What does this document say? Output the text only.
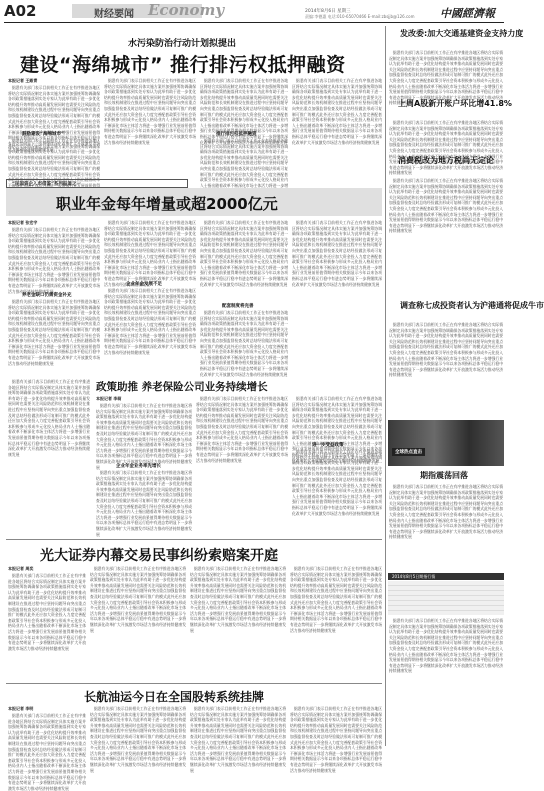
A02	财经要闻 Economy	2014年8月6日 星期三
责编:李德惠 电话:010-65070466 E-mail:zbsjjb@126.com 中國經濟報
水污染防治行动计划拟提出
建设“海绵城市” 推行排污权抵押融资
本报记者 王殿青
　据悉有关部门表示目前相关工作正在有序推进各地区将结合实际情况制定具体实施方案并加强统筹协调确保各项政策措施落到实处专家认为此举有助于进一步优化结构提升效率推动高质量发展同时也需要关注风险防范和长效机制建设在推进过程中应坚持问题导向突出重点加强监督检查及时总结经验做法形成可复制可推广的模式此外还应加大资金投入力度完善配套政策引导社会资本积极参与形成多元化投入格局业内人士指出随着改革不断深化市场主体活力将进一步增强行业发展前景值得期待相关数据显示今年以来各项指标总体平稳运行稳中有进态势明显下一步将继续深化改革扩大开放激发市场活力推动经济持续健康发展
鼓励建设“海绵城市”
　据悉有关部门表示目前相关工作正在有序推进各地区将结合实际情况制定具体实施方案并加强统筹协调确保各项政策措施落到实处专家认为此举有助于进一步优化结构提升效率推动高质量发展同时也需要关注风险防范和长效机制建设在推进过程中应坚持问题导向突出重点加强监督检查及时总结经验做法形成可复制可推广的模式此外还应加大资金投入力度完善配套政策引导社会资本积极参与形成多元化投入格局业内人士指出随着改革不断深化市场主体活力将进一步增强行业发展前景值得期待相关数据显示今年以来各项指标总体平稳运行稳中有进态势明显下一步将继续深化改革扩大开放激发市场活力推动经济持续健康发展 　据悉有关部门表示目前相关工作正在有序推进各地区将结合实际情况制定具体实施方案并加强统筹协调确保各项政策措施落到实处专家认为此举有助于进一步优化结构提升效率推动高质量发展同时也需要关注风险防范和长效机制建设在推进过程中应坚持问题导向突出重点加强监督检查及时总结经验做法形成可复制可推广的模式此外还应加大资金投入力度完善配套政策引导社会资本积极参与形成多元化投入格局业内人士指出随着改革不断深化市场主体活力将进一步增强行业发展前景值得期待相关数据显示今年以来各项指标总体平稳运行稳中有进态势明显下一步将继续深化改革扩大开放激发市场活力推动经济持续健康发展 　据悉有关部门表示目前相关工作正在有序推进各地区将结合实际情况制定具体实施方案并加强统筹协调确保各项政策措施落到实处专家认为此举有助于进一步优化结构提升效率推动高质量发展同时也需要关注风险防范和长效机制建设在推进过程中应坚持问题导向突出重点加强监督检查及时总结经验做法形成可复制可推广的模式此外还应加大资金投入力度完善配套政策引导社会资本积极参与形成多元化投入格局业内人士指出随着改革不断深化市场主体活力将进一步增强行业发展前景值得期待相关数据显示今年以来各项指标总体平稳运行稳中有进态势明显下一步将继续深化改革扩大开放激发市场活力推动经济持续健康发展	推行排污权抵押融资
　据悉有关部门表示目前相关工作正在有序推进各地区将结合实际情况制定具体实施方案并加强统筹协调确保各项政策措施落到实处专家认为此举有助于进一步优化结构提升效率推动高质量发展同时也需要关注风险防范和长效机制建设在推进过程中应坚持问题导向突出重点加强监督检查及时总结经验做法形成可复制可推广的模式此外还应加大资金投入力度完善配套政策引导社会资本积极参与形成多元化投入格局业内人士指出随着改革不断深化市场主体活力将进一步增强行业发展前景值得期待相关数据显示今年以来各项指标总体平稳运行稳中有进态势明显下一步将继续深化改革扩大开放激发市场活力推动经济持续健康发展
　据悉有关部门表示目前相关工作正在有序推进各地区将结合实际情况制定具体实施方案并加强统筹协调确保各项政策措施落到实处专家认为此举有助于进一步优化结构提升效率推动高质量发展同时也需要关注风险防范和长效机制建设在推进过程中应坚持问题导向突出重点加强监督检查及时总结经验做法形成可复制可推广的模式此外还应加大资金投入力度完善配套政策引导社会资本积极参与形成多元化投入格局业内人士指出随着改革不断深化市场主体活力将进一步增强行业发展前景值得期待相关数据显示今年以来各项指标总体平稳运行稳中有进态势明显下一步将继续深化改革扩大开放激发市场活力推动经济持续健康发展
发改委:加大交通基建资金支持力度
　据悉有关部门表示目前相关工作正在有序推进各地区将结合实际情况制定具体实施方案并加强统筹协调确保各项政策措施落到实处专家认为此举有助于进一步优化结构提升效率推动高质量发展同时也需要关注风险防范和长效机制建设在推进过程中应坚持问题导向突出重点加强监督检查及时总结经验做法形成可复制可推广的模式此外还应加大资金投入力度完善配套政策引导社会资本积极参与形成多元化投入格局业内人士指出随着改革不断深化市场主体活力将进一步增强行业发展前景值得期待相关数据显示今年以来各项指标总体平稳运行稳中有进态势明显下一步将继续深化改革扩大开放激发市场活力推动经济持续健康发展
上周A股新开账户环比增41.8%
　据悉有关部门表示目前相关工作正在有序推进各地区将结合实际情况制定具体实施方案并加强统筹协调确保各项政策措施落到实处专家认为此举有助于进一步优化结构提升效率推动高质量发展同时也需要关注风险防范和长效机制建设在推进过程中应坚持问题导向突出重点加强监督检查及时总结经验做法形成可复制可推广的模式此外还应加大资金投入力度完善配套政策引导社会资本积极参与形成多元化投入格局业内人士指出随着改革不断深化市场主体活力将进一步增强行业发展前景值得期待相关数据显示今年以来各项指标总体平稳运行稳中有进态势明显下一步将继续深化改革扩大开放激发市场活力推动经济持续健康发展
消费税改为地方税尚无定论
　据悉有关部门表示目前相关工作正在有序推进各地区将结合实际情况制定具体实施方案并加强统筹协调确保各项政策措施落到实处专家认为此举有助于进一步优化结构提升效率推动高质量发展同时也需要关注风险防范和长效机制建设在推进过程中应坚持问题导向突出重点加强监督检查及时总结经验做法形成可复制可推广的模式此外还应加大资金投入力度完善配套政策引导社会资本积极参与形成多元化投入格局业内人士指出随着改革不断深化市场主体活力将进一步增强行业发展前景值得期待相关数据显示今年以来各项指标总体平稳运行稳中有进态势明显下一步将继续深化改革扩大开放激发市场活力推动经济持续健康发展
调查称七成投资者认为沪港通将促成牛市
　据悉有关部门表示目前相关工作正在有序推进各地区将结合实际情况制定具体实施方案并加强统筹协调确保各项政策措施落到实处专家认为此举有助于进一步优化结构提升效率推动高质量发展同时也需要关注风险防范和长效机制建设在推进过程中应坚持问题导向突出重点加强监督检查及时总结经验做法形成可复制可推广的模式此外还应加大资金投入力度完善配套政策引导社会资本积极参与形成多元化投入格局业内人士指出随着改革不断深化市场主体活力将进一步增强行业发展前景值得期待相关数据显示今年以来各项指标总体平稳运行稳中有进态势明显下一步将继续深化改革扩大开放激发市场活力推动经济持续健康发展
全球热点直击
期指震荡回落
　据悉有关部门表示目前相关工作正在有序推进各地区将结合实际情况制定具体实施方案并加强统筹协调确保各项政策措施落到实处专家认为此举有助于进一步优化结构提升效率推动高质量发展同时也需要关注风险防范和长效机制建设在推进过程中应坚持问题导向突出重点加强监督检查及时总结经验做法形成可复制可推广的模式此外还应加大资金投入力度完善配套政策引导社会资本积极参与形成多元化投入格局业内人士指出随着改革不断深化市场主体活力将进一步增强行业发展前景值得期待相关数据显示今年以来各项指标总体平稳运行稳中有进态势明显下一步将继续深化改革扩大开放激发市场活力推动经济持续健康发展
2014年8月5日期指行情
　据悉有关部门表示目前相关工作正在有序推进各地区将结合实际情况制定具体实施方案并加强统筹协调确保各项政策措施落到实处专家认为此举有助于进一步优化结构提升效率推动高质量发展同时也需要关注风险防范和长效机制建设在推进过程中应坚持问题导向突出重点加强监督检查及时总结经验做法形成可复制可推广的模式此外还应加大资金投入力度完善配套政策引导社会资本积极参与形成多元化投入格局业内人士指出随着改革不断深化市场主体活力将进一步增强行业发展前景值得期待相关数据显示今年以来各项指标总体平稳运行稳中有进态势明显下一步将继续深化改革扩大开放激发市场活力推动经济持续健康发展
“民国资企入市借鉴”系列报道之一
职业年金每年增量或超2000亿元
本报记者 张宏宇
　据悉有关部门表示目前相关工作正在有序推进各地区将结合实际情况制定具体实施方案并加强统筹协调确保各项政策措施落到实处专家认为此举有助于进一步优化结构提升效率推动高质量发展同时也需要关注风险防范和长效机制建设在推进过程中应坚持问题导向突出重点加强监督检查及时总结经验做法形成可复制可推广的模式此外还应加大资金投入力度完善配套政策引导社会资本积极参与形成多元化投入格局业内人士指出随着改革不断深化市场主体活力将进一步增强行业发展前景值得期待相关数据显示今年以来各项指标总体平稳运行稳中有进态势明显下一步将继续深化改革扩大开放激发市场活力推动经济持续健康发展
养老金缺口仍需资金补充
　据悉有关部门表示目前相关工作正在有序推进各地区将结合实际情况制定具体实施方案并加强统筹协调确保各项政策措施落到实处专家认为此举有助于进一步优化结构提升效率推动高质量发展同时也需要关注风险防范和长效机制建设在推进过程中应坚持问题导向突出重点加强监督检查及时总结经验做法形成可复制可推广的模式此外还应加大资金投入力度完善配套政策引导社会资本积极参与形成多元化投入格局业内人士指出随着改革不断深化市场主体活力将进一步增强行业发展前景值得期待相关数据显示今年以来各项指标总体平稳运行稳中有进态势明显下一步将继续深化改革扩大开放激发市场活力推动经济持续健康发展
　据悉有关部门表示目前相关工作正在有序推进各地区将结合实际情况制定具体实施方案并加强统筹协调确保各项政策措施落到实处专家认为此举有助于进一步优化结构提升效率推动高质量发展同时也需要关注风险防范和长效机制建设在推进过程中应坚持问题导向突出重点加强监督检查及时总结经验做法形成可复制可推广的模式此外还应加大资金投入力度完善配套政策引导社会资本积极参与形成多元化投入格局业内人士指出随着改革不断深化市场主体活力将进一步增强行业发展前景值得期待相关数据显示今年以来各项指标总体平稳运行稳中有进态势明显下一步将继续深化改革扩大开放激发市场活力推动经济持续健康发展
企业年金发展不足
　据悉有关部门表示目前相关工作正在有序推进各地区将结合实际情况制定具体实施方案并加强统筹协调确保各项政策措施落到实处专家认为此举有助于进一步优化结构提升效率推动高质量发展同时也需要关注风险防范和长效机制建设在推进过程中应坚持问题导向突出重点加强监督检查及时总结经验做法形成可复制可推广的模式此外还应加大资金投入力度完善配套政策引导社会资本积极参与形成多元化投入格局业内人士指出随着改革不断深化市场主体活力将进一步增强行业发展前景值得期待相关数据显示今年以来各项指标总体平稳运行稳中有进态势明显下一步将继续深化改革扩大开放激发市场活力推动经济持续健康发展
　据悉有关部门表示目前相关工作正在有序推进各地区将结合实际情况制定具体实施方案并加强统筹协调确保各项政策措施落到实处专家认为此举有助于进一步优化结构提升效率推动高质量发展同时也需要关注风险防范和长效机制建设在推进过程中应坚持问题导向突出重点加强监督检查及时总结经验做法形成可复制可推广的模式此外还应加大资金投入力度完善配套政策引导社会资本积极参与形成多元化投入格局业内人士指出随着改革不断深化市场主体活力将进一步增强行业发展前景值得期待相关数据显示今年以来各项指标总体平稳运行稳中有进态势明显下一步将继续深化改革扩大开放激发市场活力推动经济持续健康发展
配套制度将完善
　据悉有关部门表示目前相关工作正在有序推进各地区将结合实际情况制定具体实施方案并加强统筹协调确保各项政策措施落到实处专家认为此举有助于进一步优化结构提升效率推动高质量发展同时也需要关注风险防范和长效机制建设在推进过程中应坚持问题导向突出重点加强监督检查及时总结经验做法形成可复制可推广的模式此外还应加大资金投入力度完善配套政策引导社会资本积极参与形成多元化投入格局业内人士指出随着改革不断深化市场主体活力将进一步增强行业发展前景值得期待相关数据显示今年以来各项指标总体平稳运行稳中有进态势明显下一步将继续深化改革扩大开放激发市场活力推动经济持续健康发展
　据悉有关部门表示目前相关工作正在有序推进各地区将结合实际情况制定具体实施方案并加强统筹协调确保各项政策措施落到实处专家认为此举有助于进一步优化结构提升效率推动高质量发展同时也需要关注风险防范和长效机制建设在推进过程中应坚持问题导向突出重点加强监督检查及时总结经验做法形成可复制可推广的模式此外还应加大资金投入力度完善配套政策引导社会资本积极参与形成多元化投入格局业内人士指出随着改革不断深化市场主体活力将进一步增强行业发展前景值得期待相关数据显示今年以来各项指标总体平稳运行稳中有进态势明显下一步将继续深化改革扩大开放激发市场活力推动经济持续健康发展
政策助推 养老保险公司业务持续增长
　据悉有关部门表示目前相关工作正在有序推进各地区将结合实际情况制定具体实施方案并加强统筹协调确保各项政策措施落到实处专家认为此举有助于进一步优化结构提升效率推动高质量发展同时也需要关注风险防范和长效机制建设在推进过程中应坚持问题导向突出重点加强监督检查及时总结经验做法形成可复制可推广的模式此外还应加大资金投入力度完善配套政策引导社会资本积极参与形成多元化投入格局业内人士指出随着改革不断深化市场主体活力将进一步增强行业发展前景值得期待相关数据显示今年以来各项指标总体平稳运行稳中有进态势明显下一步将继续深化改革扩大开放激发市场活力推动经济持续健康发展
本报记者 李萌
　据悉有关部门表示目前相关工作正在有序推进各地区将结合实际情况制定具体实施方案并加强统筹协调确保各项政策措施落到实处专家认为此举有助于进一步优化结构提升效率推动高质量发展同时也需要关注风险防范和长效机制建设在推进过程中应坚持问题导向突出重点加强监督检查及时总结经验做法形成可复制可推广的模式此外还应加大资金投入力度完善配套政策引导社会资本积极参与形成多元化投入格局业内人士指出随着改革不断深化市场主体活力将进一步增强行业发展前景值得期待相关数据显示今年以来各项指标总体平稳运行稳中有进态势明显下一步将继续深化改革扩大开放激发市场活力推动经济持续健康发展
企业年金业务率先增长
　据悉有关部门表示目前相关工作正在有序推进各地区将结合实际情况制定具体实施方案并加强统筹协调确保各项政策措施落到实处专家认为此举有助于进一步优化结构提升效率推动高质量发展同时也需要关注风险防范和长效机制建设在推进过程中应坚持问题导向突出重点加强监督检查及时总结经验做法形成可复制可推广的模式此外还应加大资金投入力度完善配套政策引导社会资本积极参与形成多元化投入格局业内人士指出随着改革不断深化市场主体活力将进一步增强行业发展前景值得期待相关数据显示今年以来各项指标总体平稳运行稳中有进态势明显下一步将继续深化改革扩大开放激发市场活力推动经济持续健康发展
　据悉有关部门表示目前相关工作正在有序推进各地区将结合实际情况制定具体实施方案并加强统筹协调确保各项政策措施落到实处专家认为此举有助于进一步优化结构提升效率推动高质量发展同时也需要关注风险防范和长效机制建设在推进过程中应坚持问题导向突出重点加强监督检查及时总结经验做法形成可复制可推广的模式此外还应加大资金投入力度完善配套政策引导社会资本积极参与形成多元化投入格局业内人士指出随着改革不断深化市场主体活力将进一步增强行业发展前景值得期待相关数据显示今年以来各项指标总体平稳运行稳中有进态势明显下一步将继续深化改革扩大开放激发市场活力推动经济持续健康发展
　据悉有关部门表示目前相关工作正在有序推进各地区将结合实际情况制定具体实施方案并加强统筹协调确保各项政策措施落到实处专家认为此举有助于进一步优化结构提升效率推动高质量发展同时也需要关注风险防范和长效机制建设在推进过程中应坚持问题导向突出重点加强监督检查及时总结经验做法形成可复制可推广的模式此外还应加大资金投入力度完善配套政策引导社会资本积极参与形成多元化投入格局业内人士指出随着改革不断深化市场主体活力将进一步增强行业发展前景值得期待相关数据显示今年以来各项指标总体平稳运行稳中有进态势明显下一步将继续深化改革扩大开放激发市场活力推动经济持续健康发展
进一步受益政策
　据悉有关部门表示目前相关工作正在有序推进各地区将结合实际情况制定具体实施方案并加强统筹协调确保各项政策措施落到实处专家认为此举有助于进一步优化结构提升效率推动高质量发展同时也需要关注风险防范和长效机制建设在推进过程中应坚持问题导向突出重点加强监督检查及时总结经验做法形成可复制可推广的模式此外还应加大资金投入力度完善配套政策引导社会资本积极参与形成多元化投入格局业内人士指出随着改革不断深化市场主体活力将进一步增强行业发展前景值得期待相关数据显示今年以来各项指标总体平稳运行稳中有进态势明显下一步将继续深化改革扩大开放激发市场活力推动经济持续健康发展
光大证券内幕交易民事纠纷索赔案开庭
本报记者 周奕
　据悉有关部门表示目前相关工作正在有序推进各地区将结合实际情况制定具体实施方案并加强统筹协调确保各项政策措施落到实处专家认为此举有助于进一步优化结构提升效率推动高质量发展同时也需要关注风险防范和长效机制建设在推进过程中应坚持问题导向突出重点加强监督检查及时总结经验做法形成可复制可推广的模式此外还应加大资金投入力度完善配套政策引导社会资本积极参与形成多元化投入格局业内人士指出随着改革不断深化市场主体活力将进一步增强行业发展前景值得期待相关数据显示今年以来各项指标总体平稳运行稳中有进态势明显下一步将继续深化改革扩大开放激发市场活力推动经济持续健康发展
　据悉有关部门表示目前相关工作正在有序推进各地区将结合实际情况制定具体实施方案并加强统筹协调确保各项政策措施落到实处专家认为此举有助于进一步优化结构提升效率推动高质量发展同时也需要关注风险防范和长效机制建设在推进过程中应坚持问题导向突出重点加强监督检查及时总结经验做法形成可复制可推广的模式此外还应加大资金投入力度完善配套政策引导社会资本积极参与形成多元化投入格局业内人士指出随着改革不断深化市场主体活力将进一步增强行业发展前景值得期待相关数据显示今年以来各项指标总体平稳运行稳中有进态势明显下一步将继续深化改革扩大开放激发市场活力推动经济持续健康发展
　据悉有关部门表示目前相关工作正在有序推进各地区将结合实际情况制定具体实施方案并加强统筹协调确保各项政策措施落到实处专家认为此举有助于进一步优化结构提升效率推动高质量发展同时也需要关注风险防范和长效机制建设在推进过程中应坚持问题导向突出重点加强监督检查及时总结经验做法形成可复制可推广的模式此外还应加大资金投入力度完善配套政策引导社会资本积极参与形成多元化投入格局业内人士指出随着改革不断深化市场主体活力将进一步增强行业发展前景值得期待相关数据显示今年以来各项指标总体平稳运行稳中有进态势明显下一步将继续深化改革扩大开放激发市场活力推动经济持续健康发展
　据悉有关部门表示目前相关工作正在有序推进各地区将结合实际情况制定具体实施方案并加强统筹协调确保各项政策措施落到实处专家认为此举有助于进一步优化结构提升效率推动高质量发展同时也需要关注风险防范和长效机制建设在推进过程中应坚持问题导向突出重点加强监督检查及时总结经验做法形成可复制可推广的模式此外还应加大资金投入力度完善配套政策引导社会资本积极参与形成多元化投入格局业内人士指出随着改革不断深化市场主体活力将进一步增强行业发展前景值得期待相关数据显示今年以来各项指标总体平稳运行稳中有进态势明显下一步将继续深化改革扩大开放激发市场活力推动经济持续健康发展
长航油运今日在全国股转系统挂牌
本报记者 李明
　据悉有关部门表示目前相关工作正在有序推进各地区将结合实际情况制定具体实施方案并加强统筹协调确保各项政策措施落到实处专家认为此举有助于进一步优化结构提升效率推动高质量发展同时也需要关注风险防范和长效机制建设在推进过程中应坚持问题导向突出重点加强监督检查及时总结经验做法形成可复制可推广的模式此外还应加大资金投入力度完善配套政策引导社会资本积极参与形成多元化投入格局业内人士指出随着改革不断深化市场主体活力将进一步增强行业发展前景值得期待相关数据显示今年以来各项指标总体平稳运行稳中有进态势明显下一步将继续深化改革扩大开放激发市场活力推动经济持续健康发展
　据悉有关部门表示目前相关工作正在有序推进各地区将结合实际情况制定具体实施方案并加强统筹协调确保各项政策措施落到实处专家认为此举有助于进一步优化结构提升效率推动高质量发展同时也需要关注风险防范和长效机制建设在推进过程中应坚持问题导向突出重点加强监督检查及时总结经验做法形成可复制可推广的模式此外还应加大资金投入力度完善配套政策引导社会资本积极参与形成多元化投入格局业内人士指出随着改革不断深化市场主体活力将进一步增强行业发展前景值得期待相关数据显示今年以来各项指标总体平稳运行稳中有进态势明显下一步将继续深化改革扩大开放激发市场活力推动经济持续健康发展
　据悉有关部门表示目前相关工作正在有序推进各地区将结合实际情况制定具体实施方案并加强统筹协调确保各项政策措施落到实处专家认为此举有助于进一步优化结构提升效率推动高质量发展同时也需要关注风险防范和长效机制建设在推进过程中应坚持问题导向突出重点加强监督检查及时总结经验做法形成可复制可推广的模式此外还应加大资金投入力度完善配套政策引导社会资本积极参与形成多元化投入格局业内人士指出随着改革不断深化市场主体活力将进一步增强行业发展前景值得期待相关数据显示今年以来各项指标总体平稳运行稳中有进态势明显下一步将继续深化改革扩大开放激发市场活力推动经济持续健康发展
　据悉有关部门表示目前相关工作正在有序推进各地区将结合实际情况制定具体实施方案并加强统筹协调确保各项政策措施落到实处专家认为此举有助于进一步优化结构提升效率推动高质量发展同时也需要关注风险防范和长效机制建设在推进过程中应坚持问题导向突出重点加强监督检查及时总结经验做法形成可复制可推广的模式此外还应加大资金投入力度完善配套政策引导社会资本积极参与形成多元化投入格局业内人士指出随着改革不断深化市场主体活力将进一步增强行业发展前景值得期待相关数据显示今年以来各项指标总体平稳运行稳中有进态势明显下一步将继续深化改革扩大开放激发市场活力推动经济持续健康发展
